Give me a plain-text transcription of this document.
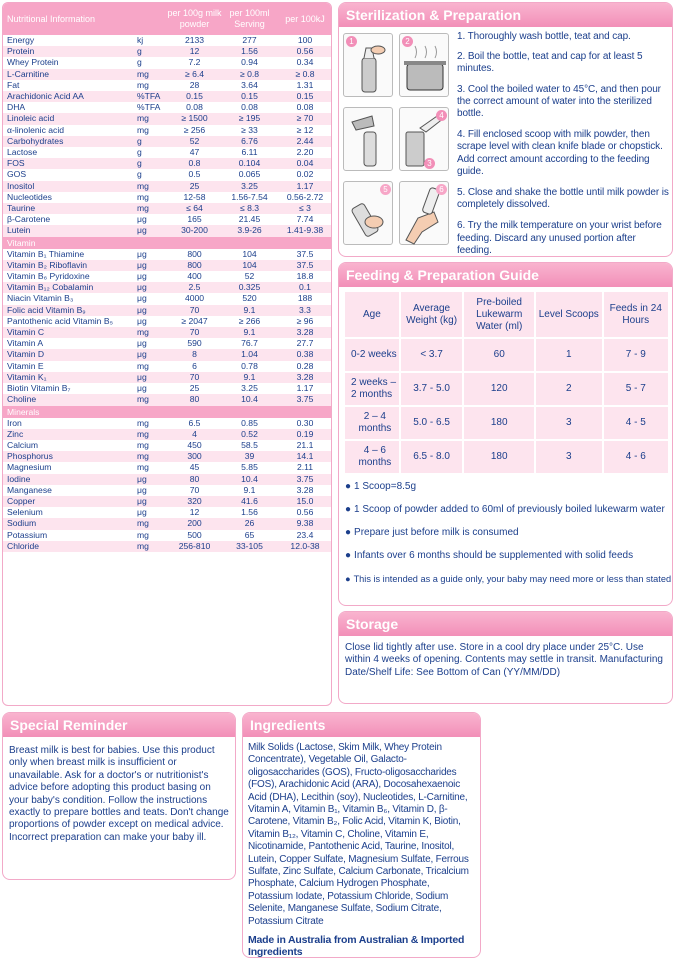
Nutritional Information		per 100g milk powder	per 100ml Serving	per 100kJ
Energy	kj	2133	277	100
Protein	g	12	1.56	0.56
Whey Protein	g	7.2	0.94	0.34
L-Carnitine	mg	≥ 6.4	≥ 0.8	≥ 0.8
Fat	mg	28	3.64	1.31
Arachidonic Acid AA	%TFA	0.15	0.15	0.15
DHA	%TFA	0.08	0.08	0.08
Linoleic acid	mg	≥ 1500	≥ 195	≥ 70
α-linolenic acid	mg	≥ 256	≥ 33	≥ 12
Carbohydrates	g	52	6.76	2.44
Lactose	g	47	6.11	2.20
FOS	g	0.8	0.104	0.04
GOS	g	0.5	0.065	0.02
Inositol	mg	25	3.25	1.17
Nucleotides	mg	12-58	1.56-7.54	0.56-2.72
Taurine	mg	≤ 64	≤ 8.3	≤ 3
β-Carotene	μg	165	21.45	7.74
Lutein	μg	30-200	3.9-26	1.41-9.38
Vitamin				
Vitamin B₁ Thiamine	μg	800	104	37.5
Vitamin B₂ Riboflavin	μg	800	104	37.5
Vitamin B₆ Pyridoxine	μg	400	52	18.8
Vitamin B₁₂ Cobalamin	μg	2.5	0.325	0.1
Niacin Vitamin B₃	μg	4000	520	188
Folic acid Vitamin B₉	μg	70	9.1	3.3
Pantothenic acid Vitamin B₅	μg	≥ 2047	≥ 266	≥ 96
Vitamin C	mg	70	9.1	3.28
Vitamin A	μg	590	76.7	27.7
Vitamin D	μg	8	1.04	0.38
Vitamin E	mg	6	0.78	0.28
Vitamin K₁	μg	70	9.1	3.28
Biotin Vitamin B₇	μg	25	3.25	1.17
Choline	mg	80	10.4	3.75
Minerals				
Iron	mg	6.5	0.85	0.30
Zinc	mg	4	0.52	0.19
Calcium	mg	450	58.5	21.1
Phosphorus	mg	300	39	14.1
Magnesium	mg	45	5.85	2.11
Iodine	μg	80	10.4	3.75
Manganese	μg	70	9.1	3.28
Copper	μg	320	41.6	15.0
Selenium	μg	12	1.56	0.56
Sodium	mg	200	26	9.38
Potassium	mg	500	65	23.4
Chloride	mg	256-810	33-105	12.0-38
Sterilization & Preparation
1	2
4
3
5	6
1. Thoroughly wash bottle, teat and cap.
2. Boil the bottle, teat and cap for at least 5 minutes.
3. Cool the boiled water to 45°C, and then pour the correct amount of water into the sterilized bottle.
4. Fill enclosed scoop with milk powder, then scrape level with clean knife blade or chopstick. Add correct amount according to the feeding guide.
5. Close and shake the bottle until milk powder is completely dissolved.
6. Try the milk temperature on your wrist before feeding. Discard any unused portion after feeding.
Feeding & Preparation Guide
Age	Average Weight (kg)	Pre-boiled Lukewarm Water (ml)	Level Scoops	Feeds in 24 Hours
0-2 weeks	< 3.7	60	1	7 - 9
2 weeks – 2 months	3.7 - 5.0	120	2	5 - 7
2 – 4 months	5.0 - 6.5	180	3	4 - 5
4 – 6 months	6.5 - 8.0	180	3	4 - 6
● 1 Scoop=8.5g
● 1 Scoop of powder added to 60ml of previously boiled lukewarm water
● Prepare just before milk is consumed
● Infants over 6 months should be supplemented with solid feeds
● This is intended as a guide only, your baby may need more or less than stated
Storage
Close lid tightly after use. Store in a cool dry place under 25°C. Use within 4 weeks of opening. Contents may settle in transit. Manufacturing Date/Shelf Life: See Bottom of Can (YY/MM/DD)
Special Reminder
Breast milk is best for babies. Use this product only when breast milk is insufficient or unavailable. Ask for a doctor's or nutritionist's advice before adopting this product basing on your baby's condition. Follow the instructions exactly to prepare bottles and teats. Don't change proportions of powder except on medical advice. Incorrect preparation can make your baby ill.
Ingredients
Milk Solids (Lactose, Skim Milk, Whey Protein Concentrate), Vegetable Oil, Galacto- oligosaccharides (GOS), Fructo-oligosaccharides (FOS), Arachidonic Acid (ARA), Docosahexaenoic Acid (DHA), Lecithin (soy), Nucleotides, L-Carnitine, Vitamin A, Vitamin B₁, Vitamin B₆, Vitamin D, β-Carotene, Vitamin B₂, Folic Acid, Vitamin K, Biotin, Vitamin B₁₂, Vitamin C, Choline, Vitamin E, Nicotinamide, Pantothenic Acid, Taurine, Inositol, Lutein, Copper Sulfate, Magnesium Sulfate, Ferrous Sulfate, Zinc Sulfate, Calcium Carbonate, Tricalcium Phosphate, Calcium Hydrogen Phosphate, Potassium Iodate, Potassium Chloride, Sodium Selenite, Manganese Sulfate, Sodium Citrate, Potassium Citrate
Made in Australia from Australian & Imported Ingredients
